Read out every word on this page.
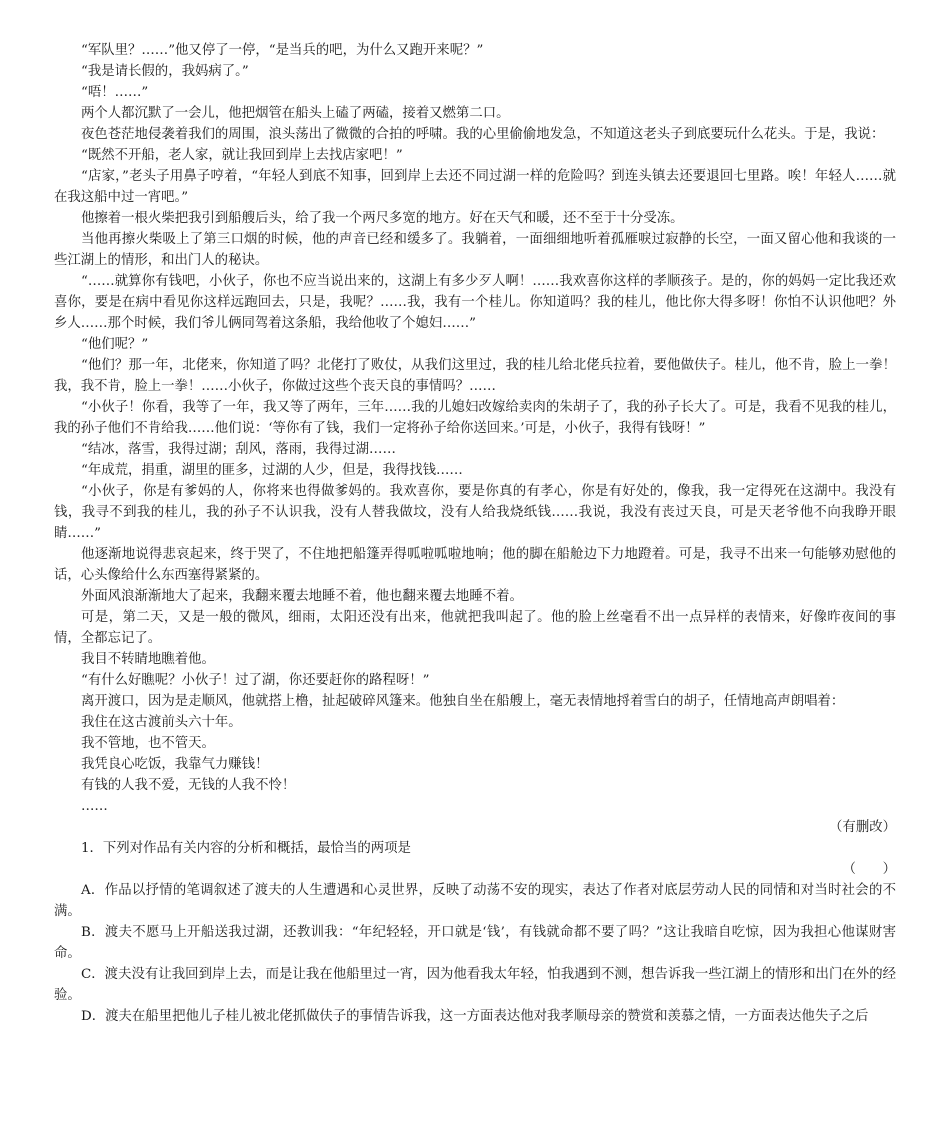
“军队里？……”他又停了一停，“是当兵的吧，为什么又跑开来呢？”

“我是请长假的，我妈病了。”

“唔！……”

两个人都沉默了一会儿，他把烟管在船头上磕了两磕，接着又燃第二口。

夜色苍茫地侵袭着我们的周围，浪头荡出了微微的合拍的呼啸。我的心里偷偷地发急，不知道这老头子到底要玩什么花头。于是，我说：

“既然不开船，老人家，就让我回到岸上去找店家吧！”

“店家，”老头子用鼻子哼着，“年轻人到底不知事，回到岸上去还不同过湖一样的危险吗？到连头镇去还要退回七里路。唉！年轻人……就在我这船中过一宵吧。”

他擦着一根火柴把我引到船艘后头，给了我一个两尺多宽的地方。好在天气和暖，还不至于十分受冻。

当他再擦火柴吸上了第三口烟的时候，他的声音已经和缓多了。我躺着，一面细细地听着孤雁唳过寂静的长空，一面又留心他和我谈的一些江湖上的情形，和出门人的秘诀。

“……就算你有钱吧，小伙子，你也不应当说出来的，这湖上有多少歹人啊！……我欢喜你这样的孝顺孩子。是的，你的妈妈一定比我还欢喜你，要是在病中看见你这样远跑回去，只是，我呢？……我，我有一个桂儿。你知道吗？我的桂儿，他比你大得多呀！你怕不认识他吧？外乡人……那个时候，我们爷儿俩同驾着这条船，我给他收了个媳妇……”

“他们呢？”

“他们？那一年，北佬来，你知道了吗？北佬打了败仗，从我们这里过，我的桂儿给北佬兵拉着，要他做伕子。桂儿，他不肯，脸上一拳！我，我不肯，脸上一拳！……小伙子，你做过这些个丧天良的事情吗？……

“小伙子！你看，我等了一年，我又等了两年，三年……我的儿媳妇改嫁给卖肉的朱胡子了，我的孙子长大了。可是，我看不见我的桂儿，我的孙子他们不肯给我……他们说：‘等你有了钱，我们一定将孙子给你送回来。’可是，小伙子，我得有钱呀！”

“结冰，落雪，我得过湖；刮风，落雨，我得过湖……

“年成荒，捐重，湖里的匪多，过湖的人少，但是，我得找钱……

“小伙子，你是有爹妈的人，你将来也得做爹妈的。我欢喜你，要是你真的有孝心，你是有好处的，像我，我一定得死在这湖中。我没有钱，我寻不到我的桂儿，我的孙子不认识我，没有人替我做坟，没有人给我烧纸钱……我说，我没有丧过天良，可是天老爷他不向我睁开眼睛……”

他逐渐地说得悲哀起来，终于哭了，不住地把船篷弄得呱啦呱啦地响；他的脚在船舱边下力地蹬着。可是，我寻不出来一句能够劝慰他的话，心头像给什么东西塞得紧紧的。

外面风浪渐渐地大了起来，我翻来覆去地睡不着，他也翻来覆去地睡不着。

可是，第二天，又是一般的微风，细雨，太阳还没有出来，他就把我叫起了。他的脸上丝毫看不出一点异样的表情来，好像昨夜间的事情，全都忘记了。

我目不转睛地瞧着他。

“有什么好瞧呢？小伙子！过了湖，你还要赶你的路程呀！”

离开渡口，因为是走顺风，他就搭上橹，扯起破碎风篷来。他独自坐在船艘上，毫无表情地捋着雪白的胡子，任情地高声朗唱着：

我住在这古渡前头六十年。

我不管地，也不管天。

我凭良心吃饭，我靠气力赚钱！

有钱的人我不爱，无钱的人我不怜！

……

（有删改）

1．下列对作品有关内容的分析和概括，最恰当的两项是

（　　）

A．作品以抒情的笔调叙述了渡夫的人生遭遇和心灵世界，反映了动荡不安的现实，表达了作者对底层劳动人民的同情和对当时社会的不满。

B．渡夫不愿马上开船送我过湖，还教训我：“年纪轻轻，开口就是‘钱’，有钱就命都不要了吗？”这让我暗自吃惊，因为我担心他谋财害命。

C．渡夫没有让我回到岸上去，而是让我在他船里过一宵，因为他看我太年轻，怕我遇到不测，想告诉我一些江湖上的情形和出门在外的经验。

D．渡夫在船里把他儿子桂儿被北佬抓做伕子的事情告诉我，这一方面表达他对我孝顺母亲的赞赏和羡慕之情，一方面表达他失子之后
